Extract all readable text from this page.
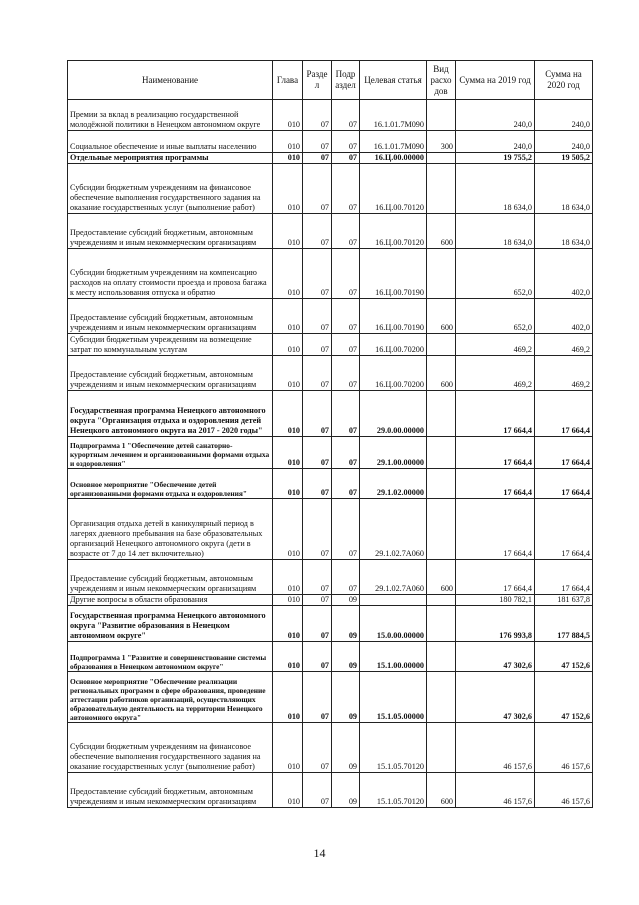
Наименование	Глава	Разде л	Подр аздел	Целевая статья	Вид расхо дов	Сумма на 2019 год	Сумма на 2020 год
Премии за вклад в реализацию государственной молодёжной политики в Ненецком автономном округе	010	07	07	16.1.01.7М090		240,0	240,0
Социальное обеспечение и иные выплаты населению	010	07	07	16.1.01.7М090	300	240,0	240,0
Отдельные мероприятия программы	010	07	07	16.Ц.00.00000		19 755,2	19 505,2
Субсидии бюджетным учреждениям на финансовое обеспечение выполнения государственного задания на оказание государственных услуг (выполнение работ)	010	07	07	16.Ц.00.70120		18 634,0	18 634,0
Предоставление субсидий бюджетным, автономным учреждениям и иным некоммерческим организациям	010	07	07	16.Ц.00.70120	600	18 634,0	18 634,0
Субсидии бюджетным учреждениям на компенсацию расходов на оплату стоимости проезда и провоза багажа к месту использования отпуска и обратно	010	07	07	16.Ц.00.70190		652,0	402,0
Предоставление субсидий бюджетным, автономным учреждениям и иным некоммерческим организациям	010	07	07	16.Ц.00.70190	600	652,0	402,0
Субсидии бюджетным учреждениям на возмещение затрат по коммунальным услугам	010	07	07	16.Ц.00.70200		469,2	469,2
Предоставление субсидий бюджетным, автономным учреждениям и иным некоммерческим организациям	010	07	07	16.Ц.00.70200	600	469,2	469,2
Государственная программа Ненецкого автономного округа "Организация отдыха и оздоровления детей Ненецкого автономного округа на 2017 - 2020 годы"	010	07	07	29.0.00.00000		17 664,4	17 664,4
Подпрограмма 1 "Обеспечение детей санаторно-курортным лечением и организованными формами отдыха и оздоровления"	010	07	07	29.1.00.00000		17 664,4	17 664,4
Основное мероприятие "Обеспечение детей организованными формами отдыха и оздоровления"	010	07	07	29.1.02.00000		17 664,4	17 664,4
Организация отдыха детей в каникулярный период в лагерях дневного пребывания на базе образовательных организаций Ненецкого автономного округа (дети в возрасте от 7 до 14 лет включительно)	010	07	07	29.1.02.7А060		17 664,4	17 664,4
Предоставление субсидий бюджетным, автономным учреждениям и иным некоммерческим организациям	010	07	07	29.1.02.7А060	600	17 664,4	17 664,4
Другие вопросы в области образования	010	07	09			180 782,1	181 637,8
Государственная программа Ненецкого автономного округа "Развитие образования в Ненецком автономном округе"	010	07	09	15.0.00.00000		176 993,8	177 884,5
Подпрограмма 1 "Развитие и совершенствование системы образования в Ненецком автономном округе"	010	07	09	15.1.00.00000		47 302,6	47 152,6
Основное мероприятие "Обеспечение реализации региональных программ в сфере образования, проведение аттестации работников организаций, осуществляющих образовательную деятельность на территории Ненецкого автономного округа"	010	07	09	15.1.05.00000		47 302,6	47 152,6
Субсидии бюджетным учреждениям на финансовое обеспечение выполнения государственного задания на оказание государственных услуг (выполнение работ)	010	07	09	15.1.05.70120		46 157,6	46 157,6
Предоставление субсидий бюджетным, автономным учреждениям и иным некоммерческим организациям	010	07	09	15.1.05.70120	600	46 157,6	46 157,6
14
